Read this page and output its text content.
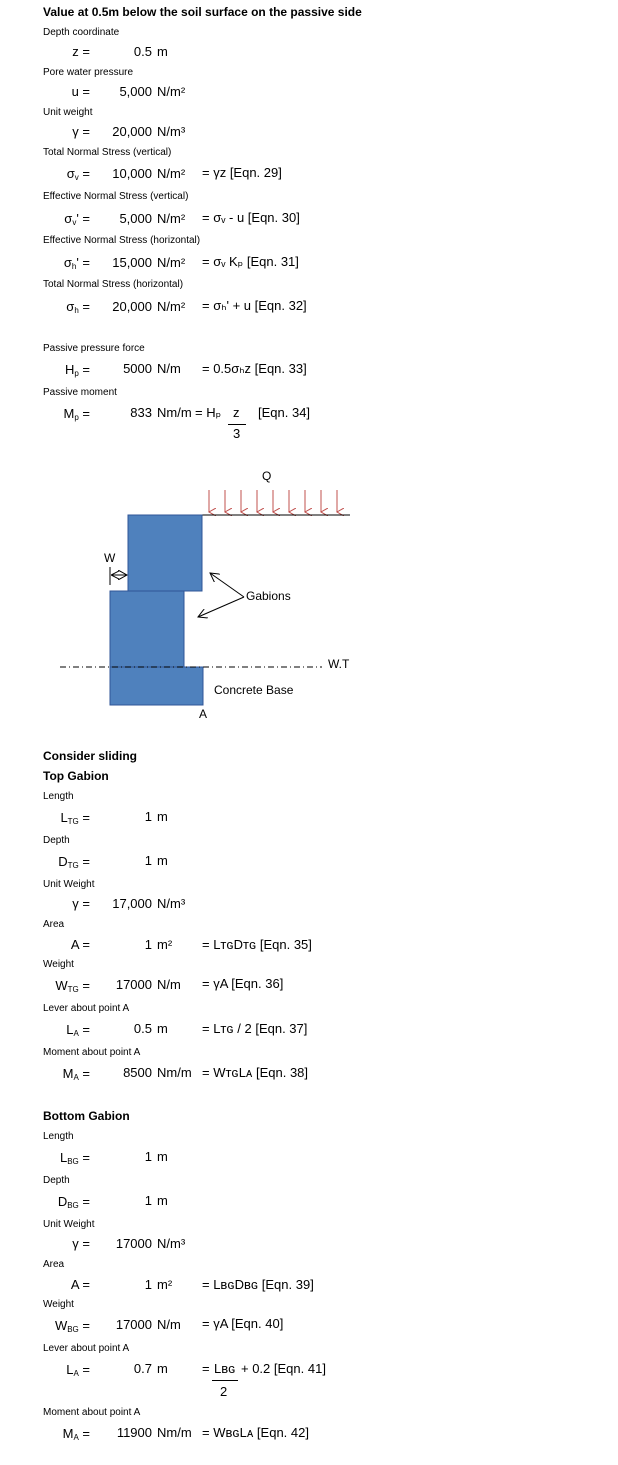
Value at 0.5m below the soil surface on the passive side
Depth coordinate
z =	0.5 m
Pore water pressure
u =	5,000 N/m²
Unit weight
γ =	20,000 N/m³
Total Normal Stress (vertical)
$\sigma_v$ =	10,000 N/m² = γz [Eqn. 29]
Effective Normal Stress (vertical)
$\sigma_v'$ =	5,000 N/m² = σᵥ - u [Eqn. 30]
Effective Normal Stress (horizontal)
$\sigma_h'$ =	15,000 N/m² = σᵥ Kₚ [Eqn. 31]
Total Normal Stress (horizontal)
$\sigma_h$ =	20,000 N/m² = σₕ' + u [Eqn. 32]
Passive pressure force
$H_p$ =	5000 N/m = 0.5σₕz [Eqn. 33]
Passive moment
$M_p$ =	833 Nm/m = Hₚ z
3
[Eqn. 34]
Q
W.T
W
Gabions
Concrete Base
A
Consider sliding
Top Gabion
Length
$L_{TG}$ =	1 m
Depth
$D_{TG}$ =	1 m
Unit Weight
γ =	17,000 N/m³
Area
A =	1 m² = LᴛɢDᴛɢ [Eqn. 35]
Weight
$W_{TG}$ =	17000 N/m = γA [Eqn. 36]
Lever about point A
$L_A$ =	0.5 m	= Lᴛɢ / 2 [Eqn. 37]
Moment about point A
$M_A$ =	8500 Nm/m = WᴛɢLᴀ [Eqn. 38]
Bottom Gabion
Length
$L_{BG}$ =	1 m
Depth
$D_{BG}$ =	1 m
Unit Weight
γ =	17000 N/m³
Area
A =	1 m² = LʙɢDʙɢ [Eqn. 39]
Weight
$W_{BG}$ =	17000 N/m = γA [Eqn. 40]
Lever about point A
$L_A$ =	0.7 m	= Lʙɢ
2
+ 0.2 [Eqn. 41]
Moment about point A
$M_A$ =	11900 Nm/m = WʙɢLᴀ [Eqn. 42]
